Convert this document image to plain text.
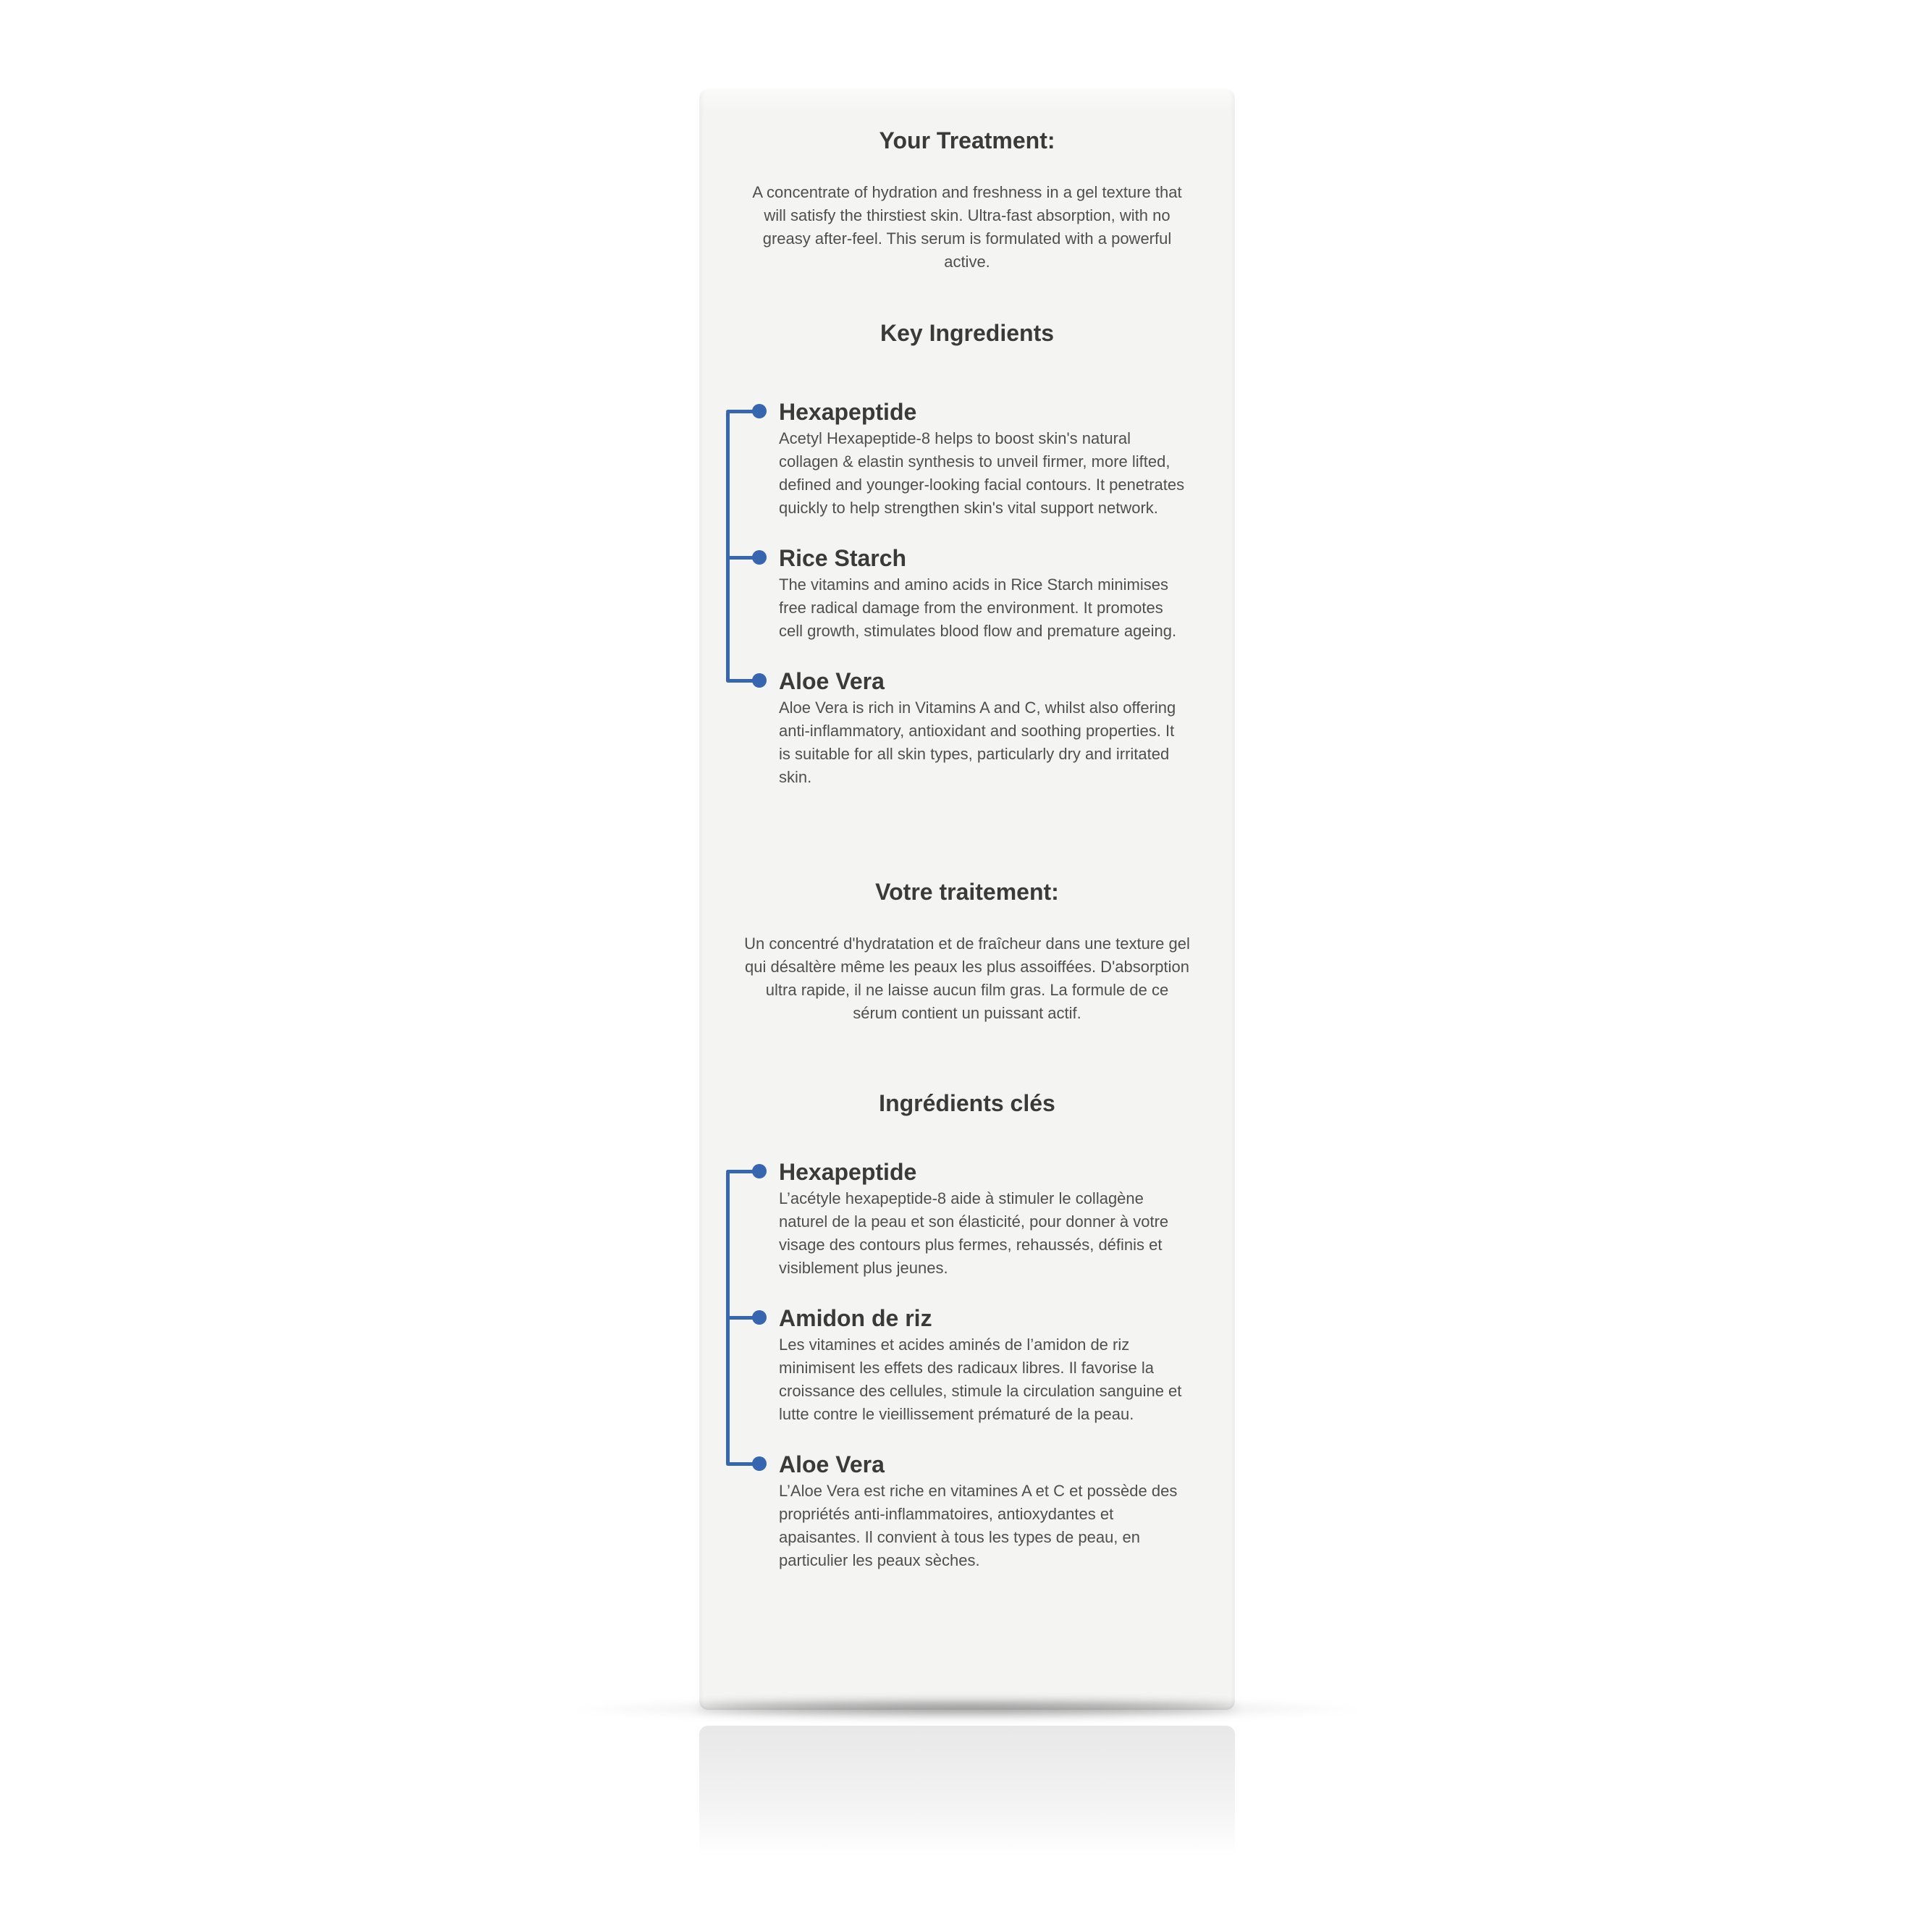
Your Treatment:

A concentrate of hydration and freshness in a gel texture that will satisfy the thirstiest skin. Ultra-fast absorption, with no greasy after-feel. This serum is formulated with a powerful active.

Key Ingredients
Hexapeptide

Acetyl Hexapeptide-8 helps to boost skin's natural collagen & elastin synthesis to unveil firmer, more lifted, defined and younger-looking facial contours. It penetrates quickly to help strengthen skin's vital support network.

Rice Starch

The vitamins and amino acids in Rice Starch minimises free radical damage from the environment. It promotes cell growth, stimulates blood flow and premature ageing.

Aloe Vera

Aloe Vera is rich in Vitamins A and C, whilst also offering anti-inflammatory, antioxidant and soothing properties. It is suitable for all skin types, particularly dry and irritated skin.

Votre traitement:

Un concentré d'hydratation et de fraîcheur dans une texture gel qui désaltère même les peaux les plus assoiffées. D'absorption ultra rapide, il ne laisse aucun film gras. La formule de ce sérum contient un puissant actif.

Ingrédients clés
Hexapeptide

L’acétyle hexapeptide-8 aide à stimuler le collagène naturel de la peau et son élasticité, pour donner à votre visage des contours plus fermes, rehaussés, définis et visiblement plus jeunes.

Amidon de riz

Les vitamines et acides aminés de l’amidon de riz minimisent les effets des radicaux libres. Il favorise la croissance des cellules, stimule la circulation sanguine et lutte contre le vieillissement prématuré de la peau.

Aloe Vera

L’Aloe Vera est riche en vitamines A et C et possède des propriétés anti-inflammatoires, antioxydantes et apaisantes. Il convient à tous les types de peau, en particulier les peaux sèches.
